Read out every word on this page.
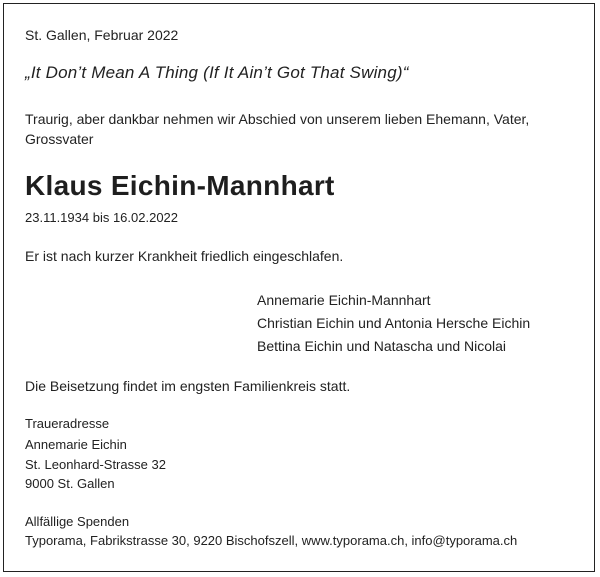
St. Gallen, Februar 2022
„It Don’t Mean A Thing (If It Ain’t Got That Swing)“
Traurig, aber dankbar nehmen wir Abschied von unserem lieben Ehemann, Vater,
Grossvater
Klaus Eichin-Mannhart
23.11.1934 bis 16.02.2022
Er ist nach kurzer Krankheit friedlich eingeschlafen.
Annemarie Eichin-Mannhart
Christian Eichin und Antonia Hersche Eichin
Bettina Eichin und Natascha und Nicolai
Die Beisetzung findet im engsten Familienkreis statt.
Traueradresse
Annemarie Eichin
St. Leonhard-Strasse 32
9000 St. Gallen
Allfällige Spenden
Typorama, Fabrikstrasse 30, 9220 Bischofszell, www.typorama.ch, info@typorama.ch
